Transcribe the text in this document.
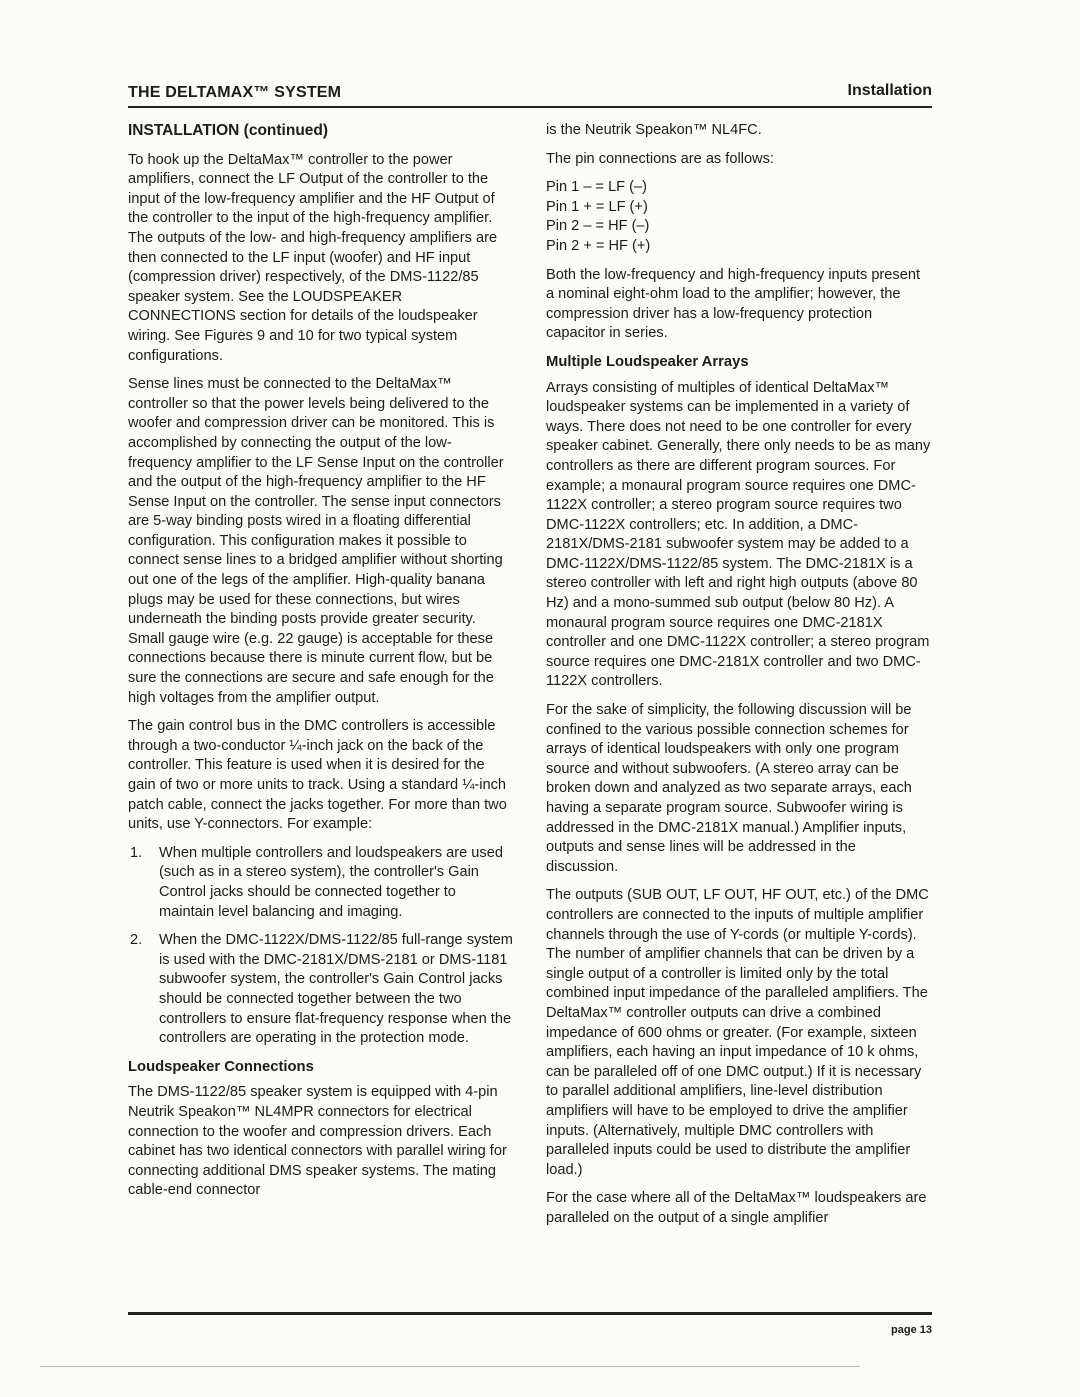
THE DELTAMAX™ SYSTEM	Installation
INSTALLATION (continued)

To hook up the DeltaMax™ controller to the power amplifiers, connect the LF Output of the controller to the input of the low-frequency amplifier and the HF Output of the controller to the input of the high-frequency amplifier. The outputs of the low- and high-frequency amplifiers are then connected to the LF input (woofer) and HF input (compression driver) respectively, of the DMS-1122/85 speaker system. See the LOUDSPEAKER CONNECTIONS section for details of the loudspeaker wiring. See Figures 9 and 10 for two typical system configurations.

Sense lines must be connected to the DeltaMax™ controller so that the power levels being delivered to the woofer and compression driver can be monitored. This is accomplished by connecting the output of the low-frequency amplifier to the LF Sense Input on the controller and the output of the high-frequency amplifier to the HF Sense Input on the controller. The sense input connectors are 5-way binding posts wired in a floating differential configuration. This configuration makes it possible to connect sense lines to a bridged amplifier without shorting out one of the legs of the amplifier. High-quality banana plugs may be used for these connections, but wires underneath the binding posts provide greater security. Small gauge wire (e.g. 22 gauge) is acceptable for these connections because there is minute current flow, but be sure the connections are secure and safe enough for the high voltages from the amplifier output.

The gain control bus in the DMC controllers is accessible through a two-conductor ¼-inch jack on the back of the controller. This feature is used when it is desired for the gain of two or more units to track. Using a standard ¼-inch patch cable, connect the jacks together. For more than two units, use Y-connectors. For example:

1. When multiple controllers and loudspeakers are used (such as in a stereo system), the controller's Gain Control jacks should be connected together to maintain level balancing and imaging.
2. When the DMC-1122X/DMS-1122/85 full-range system is used with the DMC-2181X/DMS-2181 or DMS-1181 subwoofer system, the controller's Gain Control jacks should be connected together between the two controllers to ensure flat-frequency response when the controllers are operating in the protection mode.
Loudspeaker Connections

The DMS-1122/85 speaker system is equipped with 4-pin Neutrik Speakon™ NL4MPR connectors for electrical connection to the woofer and compression drivers. Each cabinet has two identical connectors with parallel wiring for connecting additional DMS speaker systems. The mating cable-end connector

is the Neutrik Speakon™ NL4FC.

The pin connections are as follows:

Pin 1 – = LF (–)
Pin 1 + = LF (+)
Pin 2 – = HF (–)
Pin 2 + = HF (+)

Both the low-frequency and high-frequency inputs present a nominal eight-ohm load to the amplifier; however, the compression driver has a low-frequency protection capacitor in series.

Multiple Loudspeaker Arrays

Arrays consisting of multiples of identical DeltaMax™ loudspeaker systems can be implemented in a variety of ways. There does not need to be one controller for every speaker cabinet. Generally, there only needs to be as many controllers as there are different program sources. For example; a monaural program source requires one DMC-1122X controller; a stereo program source requires two DMC-1122X controllers; etc. In addition, a DMC-2181X/DMS-2181 subwoofer system may be added to a DMC-1122X/DMS-1122/85 system. The DMC-2181X is a stereo controller with left and right high outputs (above 80 Hz) and a mono-summed sub output (below 80 Hz). A monaural program source requires one DMC-2181X controller and one DMC-1122X controller; a stereo program source requires one DMC-2181X controller and two DMC-1122X controllers.

For the sake of simplicity, the following discussion will be confined to the various possible connection schemes for arrays of identical loudspeakers with only one program source and without subwoofers. (A stereo array can be broken down and analyzed as two separate arrays, each having a separate program source. Subwoofer wiring is addressed in the DMC-2181X manual.) Amplifier inputs, outputs and sense lines will be addressed in the discussion.

The outputs (SUB OUT, LF OUT, HF OUT, etc.) of the DMC controllers are connected to the inputs of multiple amplifier channels through the use of Y-cords (or multiple Y-cords). The number of amplifier channels that can be driven by a single output of a controller is limited only by the total combined input impedance of the paralleled amplifiers. The DeltaMax™ controller outputs can drive a combined impedance of 600 ohms or greater. (For example, sixteen amplifiers, each having an input impedance of 10 k ohms, can be paralleled off of one DMC output.) If it is necessary to parallel additional amplifiers, line-level distribution amplifiers will have to be employed to drive the amplifier inputs. (Alternatively, multiple DMC controllers with paralleled inputs could be used to distribute the amplifier load.)

For the case where all of the DeltaMax™ loudspeakers are paralleled on the output of a single amplifier

page 13
